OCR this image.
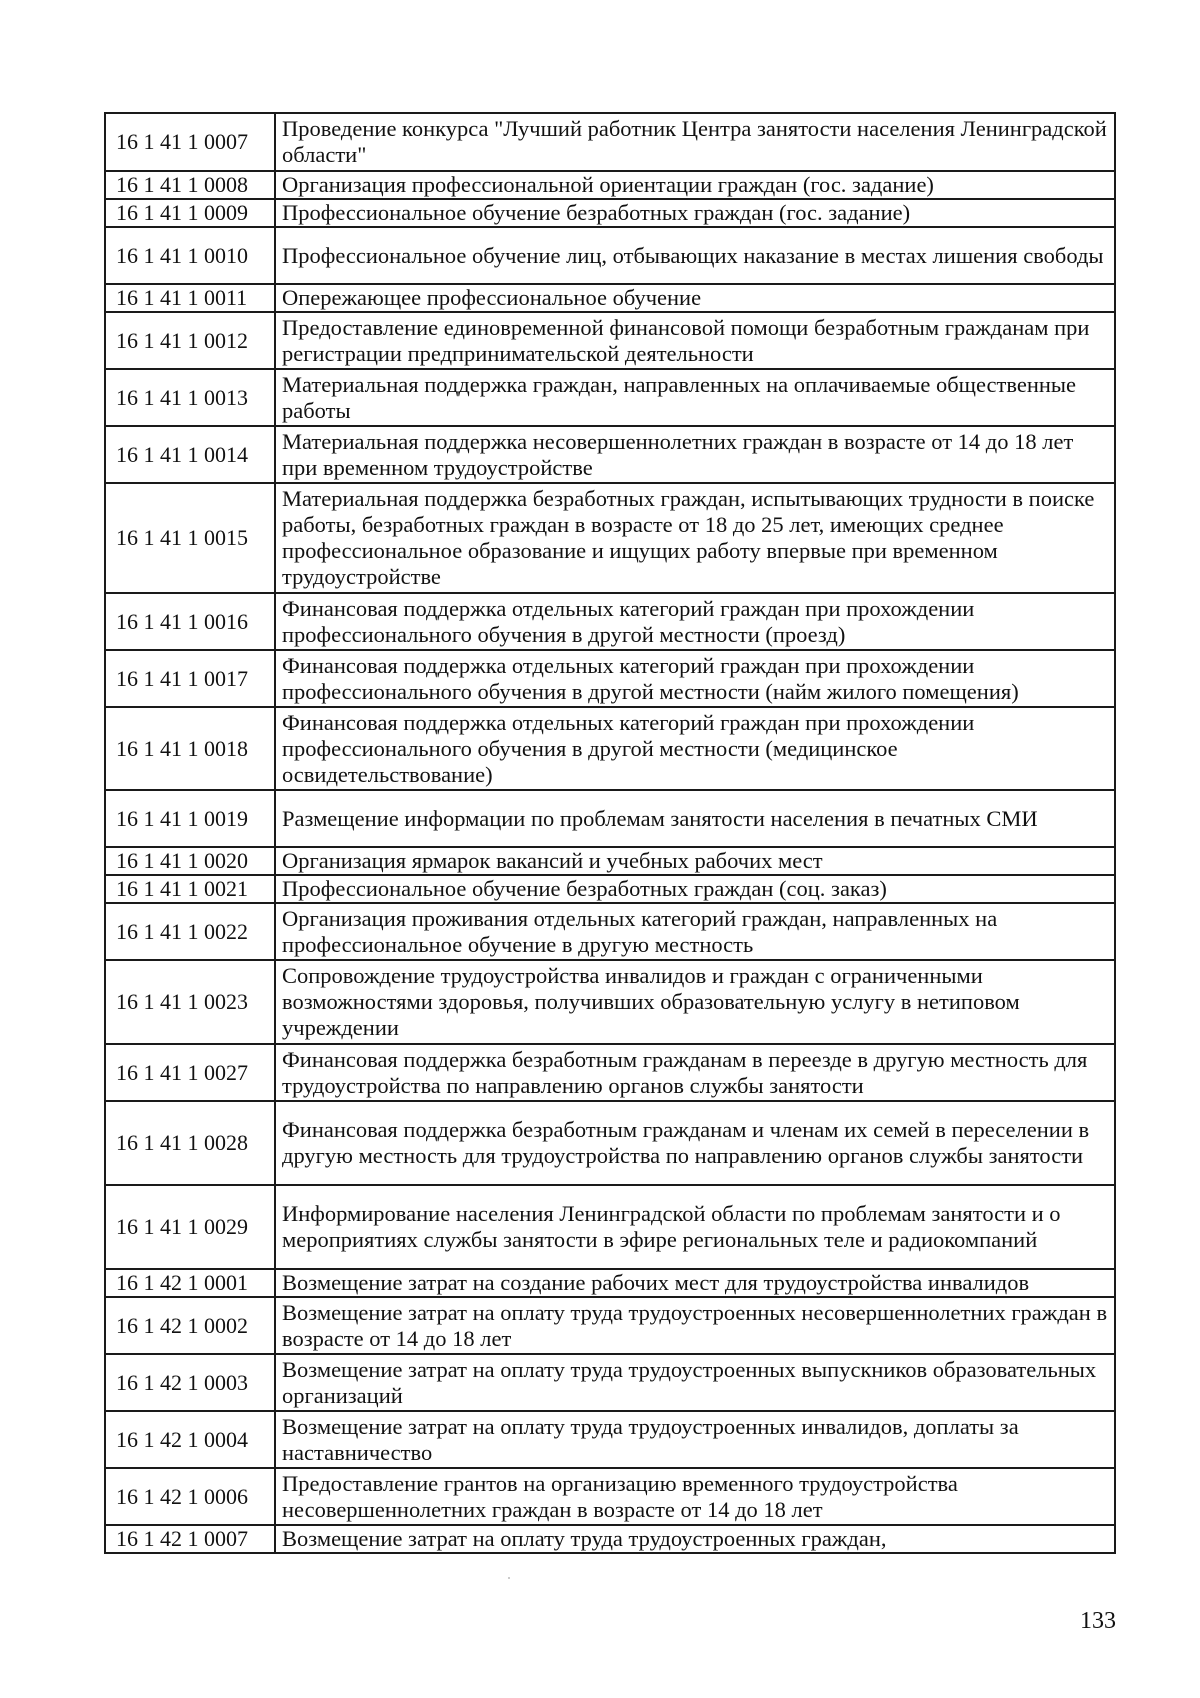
16 1 41 1 0007	Проведение конкурса "Лучший работник Центра занятости населения Ленинградской области"
16 1 41 1 0008	Организация профессиональной ориентации граждан (гос. задание)
16 1 41 1 0009	Профессиональное обучение безработных граждан (гос. задание)
16 1 41 1 0010	Профессиональное обучение лиц, отбывающих наказание в местах лишения свободы
16 1 41 1 0011	Опережающее профессиональное обучение
16 1 41 1 0012	Предоставление единовременной финансовой помощи безработным гражданам при регистрации предпринимательской деятельности
16 1 41 1 0013	Материальная поддержка граждан, направленных на оплачиваемые общественные работы
16 1 41 1 0014	Материальная поддержка несовершеннолетних граждан в возрасте от 14 до 18 лет при временном трудоустройстве
16 1 41 1 0015	Материальная поддержка безработных граждан, испытывающих трудности в поиске работы, безработных граждан в возрасте от 18 до 25 лет, имеющих среднее профессиональное образование и ищущих работу впервые при временном трудоустройстве
16 1 41 1 0016	Финансовая поддержка отдельных категорий граждан при прохождении профессионального обучения в другой местности (проезд)
16 1 41 1 0017	Финансовая поддержка отдельных категорий граждан при прохождении профессионального обучения в другой местности (найм жилого помещения)
16 1 41 1 0018	Финансовая поддержка отдельных категорий граждан при прохождении профессионального обучения в другой местности (медицинское освидетельствование)
16 1 41 1 0019	Размещение информации по проблемам занятости населения в печатных СМИ
16 1 41 1 0020	Организация ярмарок вакансий и учебных рабочих мест
16 1 41 1 0021	Профессиональное обучение безработных граждан (соц. заказ)
16 1 41 1 0022	Организация проживания отдельных категорий граждан, направленных на профессиональное обучение в другую местность
16 1 41 1 0023	Сопровождение трудоустройства инвалидов и граждан с ограниченными возможностями здоровья, получивших образовательную услугу в нетиповом учреждении
16 1 41 1 0027	Финансовая поддержка безработным гражданам в переезде в другую местность для трудоустройства по направлению органов службы занятости
16 1 41 1 0028	Финансовая поддержка безработным гражданам и членам их семей в переселении в другую местность для трудоустройства по направлению органов службы занятости
16 1 41 1 0029	Информирование населения Ленинградской области по проблемам занятости и о мероприятиях службы занятости в эфире региональных теле и радиокомпаний
16 1 42 1 0001	Возмещение затрат на создание рабочих мест для трудоустройства инвалидов
16 1 42 1 0002	Возмещение затрат на оплату труда трудоустроенных несовершеннолетних граждан в возрасте от 14 до 18 лет
16 1 42 1 0003	Возмещение затрат на оплату труда трудоустроенных выпускников образовательных организаций
16 1 42 1 0004	Возмещение затрат на оплату труда трудоустроенных инвалидов, доплаты за наставничество
16 1 42 1 0006	Предоставление грантов на организацию временного трудоустройства несовершеннолетних граждан в возрасте от 14 до 18 лет
16 1 42 1 0007	Возмещение затрат на оплату труда трудоустроенных граждан,
133
